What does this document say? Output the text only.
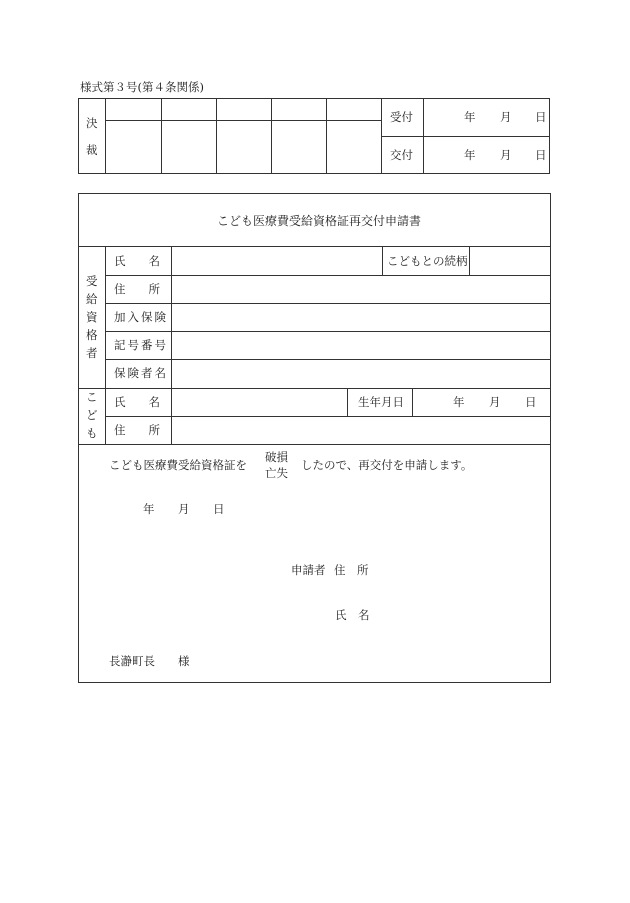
様式第３号(第４条関係)
決
裁
受付	年 月 日
交付	年 月 日
こども医療費受給資格証再交付申請書
受
給
資
格
者
氏　　名	こどもとの続柄
住　　所
加入保険
記号番号
保険者名
こ
ど
も
氏　　名	生年月日	年 月 日
住　　所
こども医療費受給資格証を
破損
亡失
したので、再交付を申請します。
年 月 日
申請者 住　所
氏　名
長瀞町長 様
